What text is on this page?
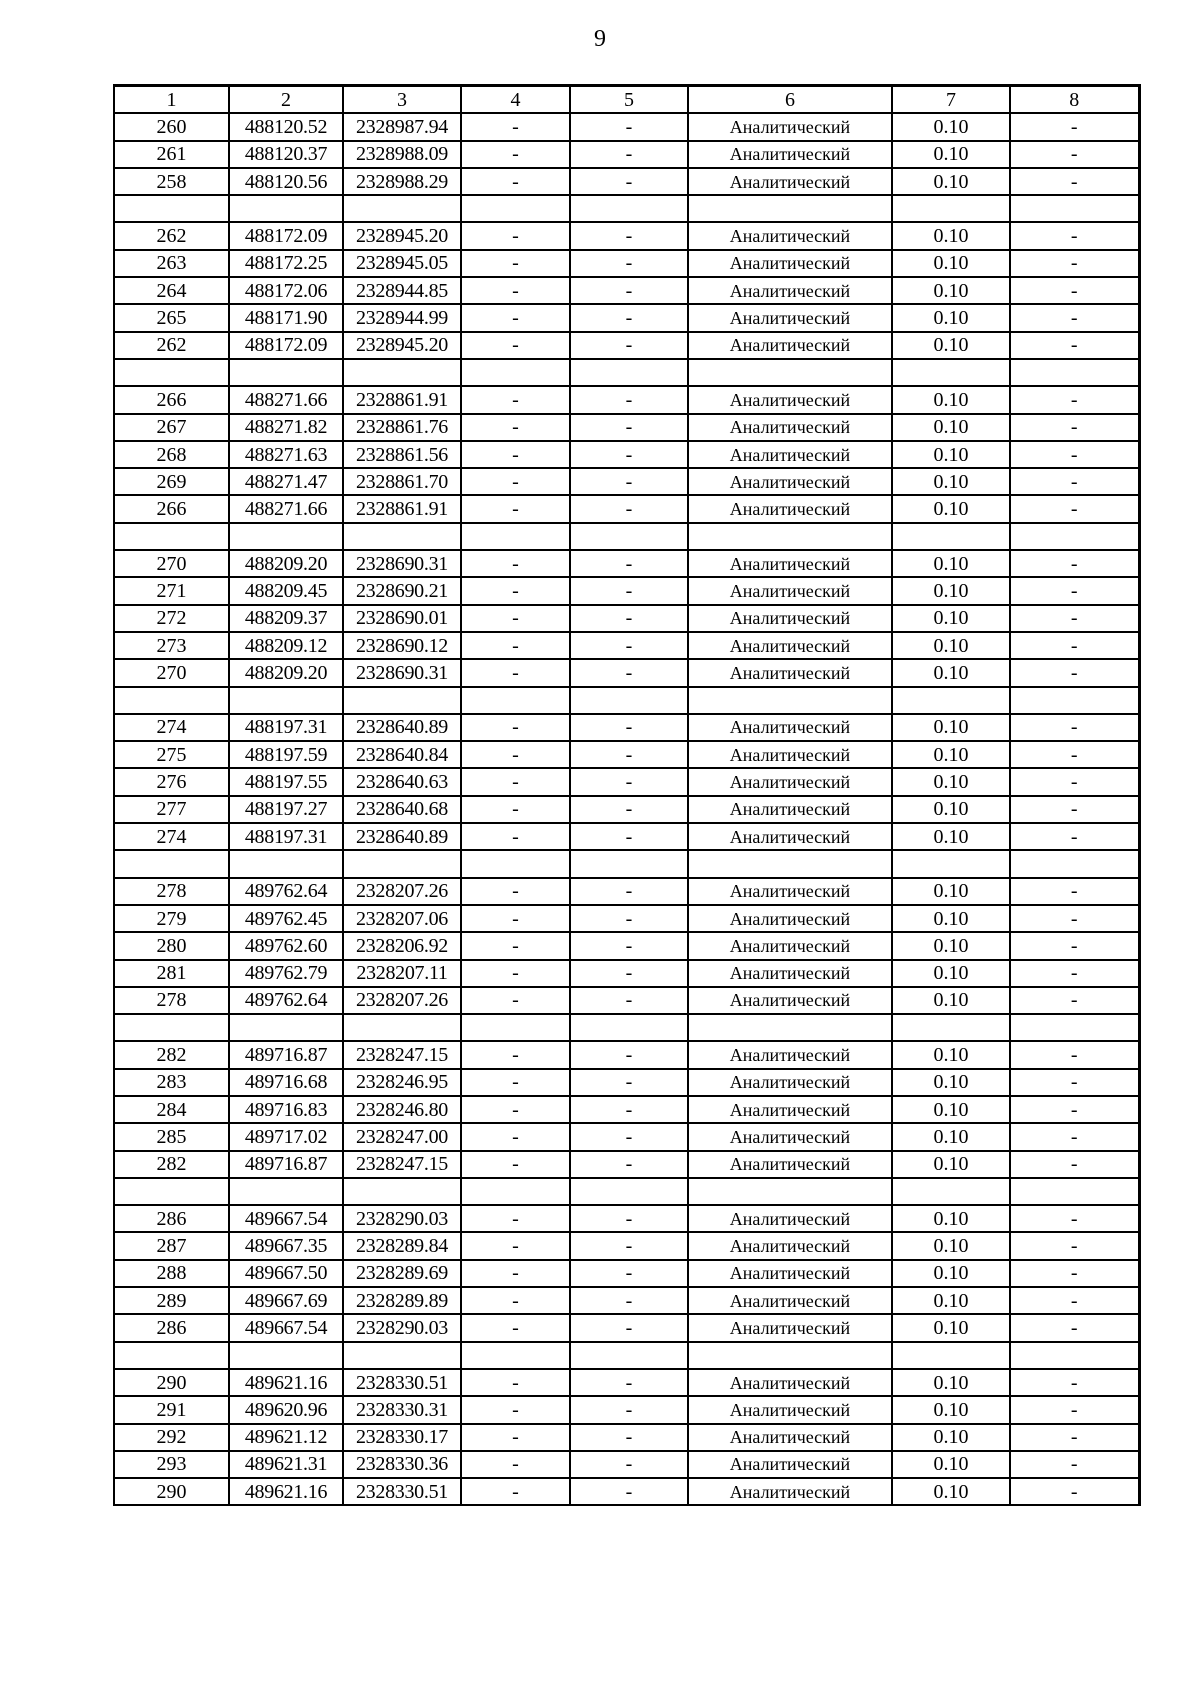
9
1	2	3	4	5	6	7	8
260	488120.52	2328987.94	-	-	Аналитический	0.10	-
261	488120.37	2328988.09	-	-	Аналитический	0.10	-
258	488120.56	2328988.29	-	-	Аналитический	0.10	-

262	488172.09	2328945.20	-	-	Аналитический	0.10	-
263	488172.25	2328945.05	-	-	Аналитический	0.10	-
264	488172.06	2328944.85	-	-	Аналитический	0.10	-
265	488171.90	2328944.99	-	-	Аналитический	0.10	-
262	488172.09	2328945.20	-	-	Аналитический	0.10	-

266	488271.66	2328861.91	-	-	Аналитический	0.10	-
267	488271.82	2328861.76	-	-	Аналитический	0.10	-
268	488271.63	2328861.56	-	-	Аналитический	0.10	-
269	488271.47	2328861.70	-	-	Аналитический	0.10	-
266	488271.66	2328861.91	-	-	Аналитический	0.10	-

270	488209.20	2328690.31	-	-	Аналитический	0.10	-
271	488209.45	2328690.21	-	-	Аналитический	0.10	-
272	488209.37	2328690.01	-	-	Аналитический	0.10	-
273	488209.12	2328690.12	-	-	Аналитический	0.10	-
270	488209.20	2328690.31	-	-	Аналитический	0.10	-

274	488197.31	2328640.89	-	-	Аналитический	0.10	-
275	488197.59	2328640.84	-	-	Аналитический	0.10	-
276	488197.55	2328640.63	-	-	Аналитический	0.10	-
277	488197.27	2328640.68	-	-	Аналитический	0.10	-
274	488197.31	2328640.89	-	-	Аналитический	0.10	-

278	489762.64	2328207.26	-	-	Аналитический	0.10	-
279	489762.45	2328207.06	-	-	Аналитический	0.10	-
280	489762.60	2328206.92	-	-	Аналитический	0.10	-
281	489762.79	2328207.11	-	-	Аналитический	0.10	-
278	489762.64	2328207.26	-	-	Аналитический	0.10	-

282	489716.87	2328247.15	-	-	Аналитический	0.10	-
283	489716.68	2328246.95	-	-	Аналитический	0.10	-
284	489716.83	2328246.80	-	-	Аналитический	0.10	-
285	489717.02	2328247.00	-	-	Аналитический	0.10	-
282	489716.87	2328247.15	-	-	Аналитический	0.10	-

286	489667.54	2328290.03	-	-	Аналитический	0.10	-
287	489667.35	2328289.84	-	-	Аналитический	0.10	-
288	489667.50	2328289.69	-	-	Аналитический	0.10	-
289	489667.69	2328289.89	-	-	Аналитический	0.10	-
286	489667.54	2328290.03	-	-	Аналитический	0.10	-

290	489621.16	2328330.51	-	-	Аналитический	0.10	-
291	489620.96	2328330.31	-	-	Аналитический	0.10	-
292	489621.12	2328330.17	-	-	Аналитический	0.10	-
293	489621.31	2328330.36	-	-	Аналитический	0.10	-
290	489621.16	2328330.51	-	-	Аналитический	0.10	-
